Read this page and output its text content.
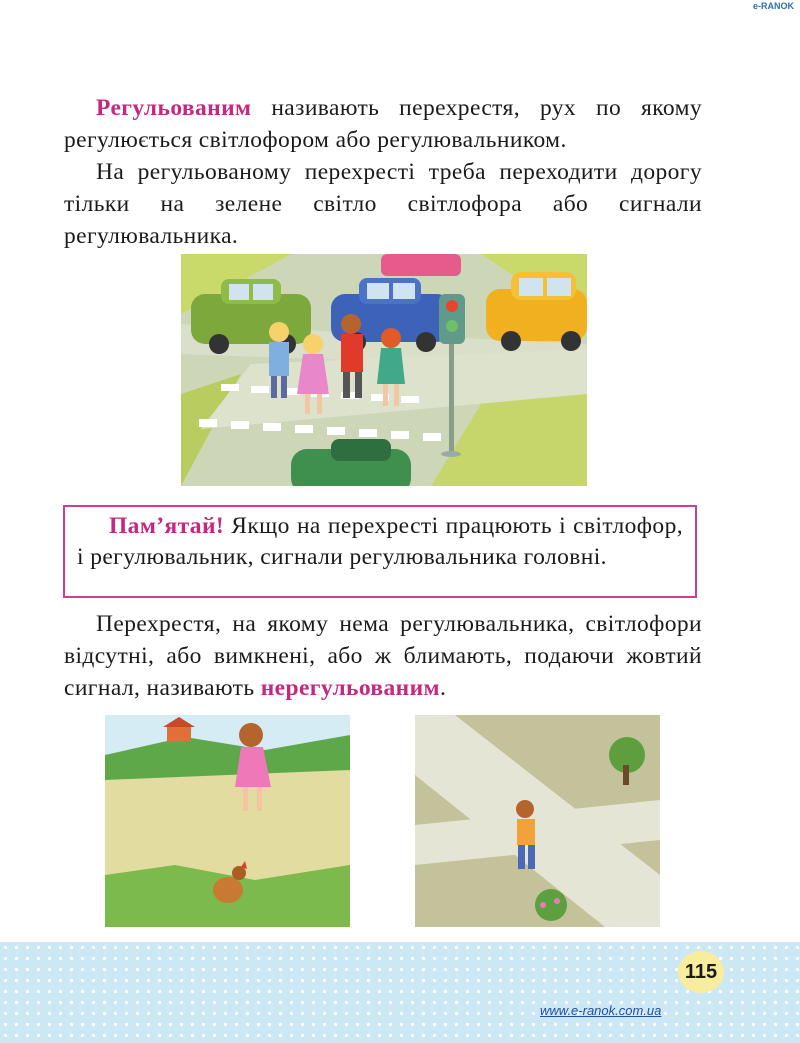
e-RANOK

Регульованим називають перехрестя, рух по якому регулюється світлофором або регулювальником.

На регульованому перехресті треба переходити дорогу тільки на зелене світло світлофора або сигнали регулювальника.

Пам’ятай! Якщо на перехресті працюють і світлофор, і регулювальник, сигнали регулювальника головні.

Перехрестя, на якому нема регулювальника, світлофори відсутні, або вимкнені, або ж блимають, подаючи жовтий сигнал, називають нерегульованим.

115
www.e-ranok.com.ua
